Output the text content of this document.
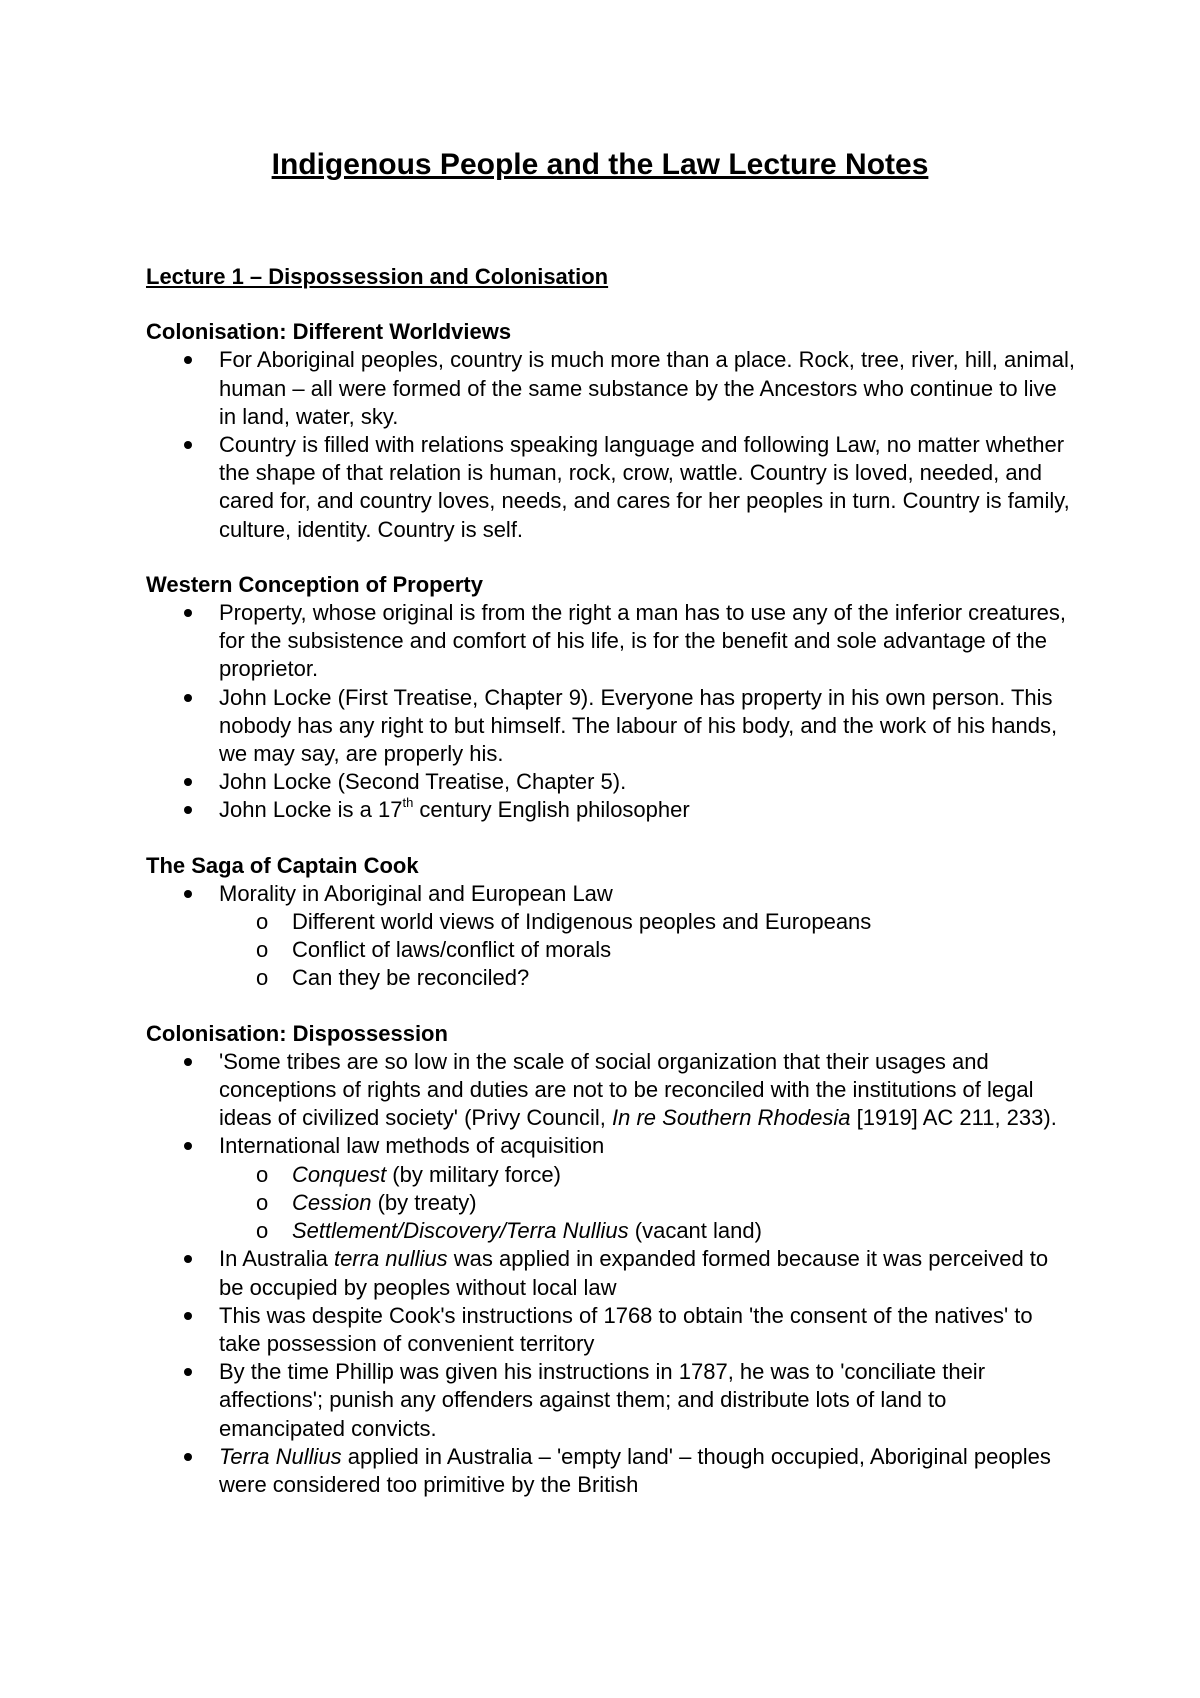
Indigenous People and the Law Lecture Notes
Lecture 1 – Dispossession and Colonisation
Colonisation: Different Worldviews
For Aboriginal peoples, country is much more than a place. Rock, tree, river, hill, animal, human – all were formed of the same substance by the Ancestors who continue to live in land, water, sky.
Country is filled with relations speaking language and following Law, no matter whether the shape of that relation is human, rock, crow, wattle. Country is loved, needed, and cared for, and country loves, needs, and cares for her peoples in turn. Country is family, culture, identity. Country is self.
Western Conception of Property
Property, whose original is from the right a man has to use any of the inferior creatures, for the subsistence and comfort of his life, is for the benefit and sole advantage of the proprietor.
John Locke (First Treatise, Chapter 9). Everyone has property in his own person. This nobody has any right to but himself. The labour of his body, and the work of his hands, we may say, are properly his.
John Locke (Second Treatise, Chapter 5).
John Locke is a 17th century English philosopher
The Saga of Captain Cook
Morality in Aboriginal and European Law
o Different world views of Indigenous peoples and Europeans
o Conflict of laws/conflict of morals
o Can they be reconciled?
Colonisation: Dispossession
'Some tribes are so low in the scale of social organization that their usages and conceptions of rights and duties are not to be reconciled with the institutions of legal ideas of civilized society' (Privy Council, In re Southern Rhodesia [1919] AC 211, 233).
International law methods of acquisition
o Conquest (by military force)
o Cession (by treaty)
o Settlement/Discovery/Terra Nullius (vacant land)
In Australia terra nullius was applied in expanded formed because it was perceived to be occupied by peoples without local law
This was despite Cook's instructions of 1768 to obtain 'the consent of the natives' to take possession of convenient territory
By the time Phillip was given his instructions in 1787, he was to 'conciliate their affections'; punish any offenders against them; and distribute lots of land to emancipated convicts.
Terra Nullius applied in Australia – 'empty land' – though occupied, Aboriginal peoples were considered too primitive by the British
